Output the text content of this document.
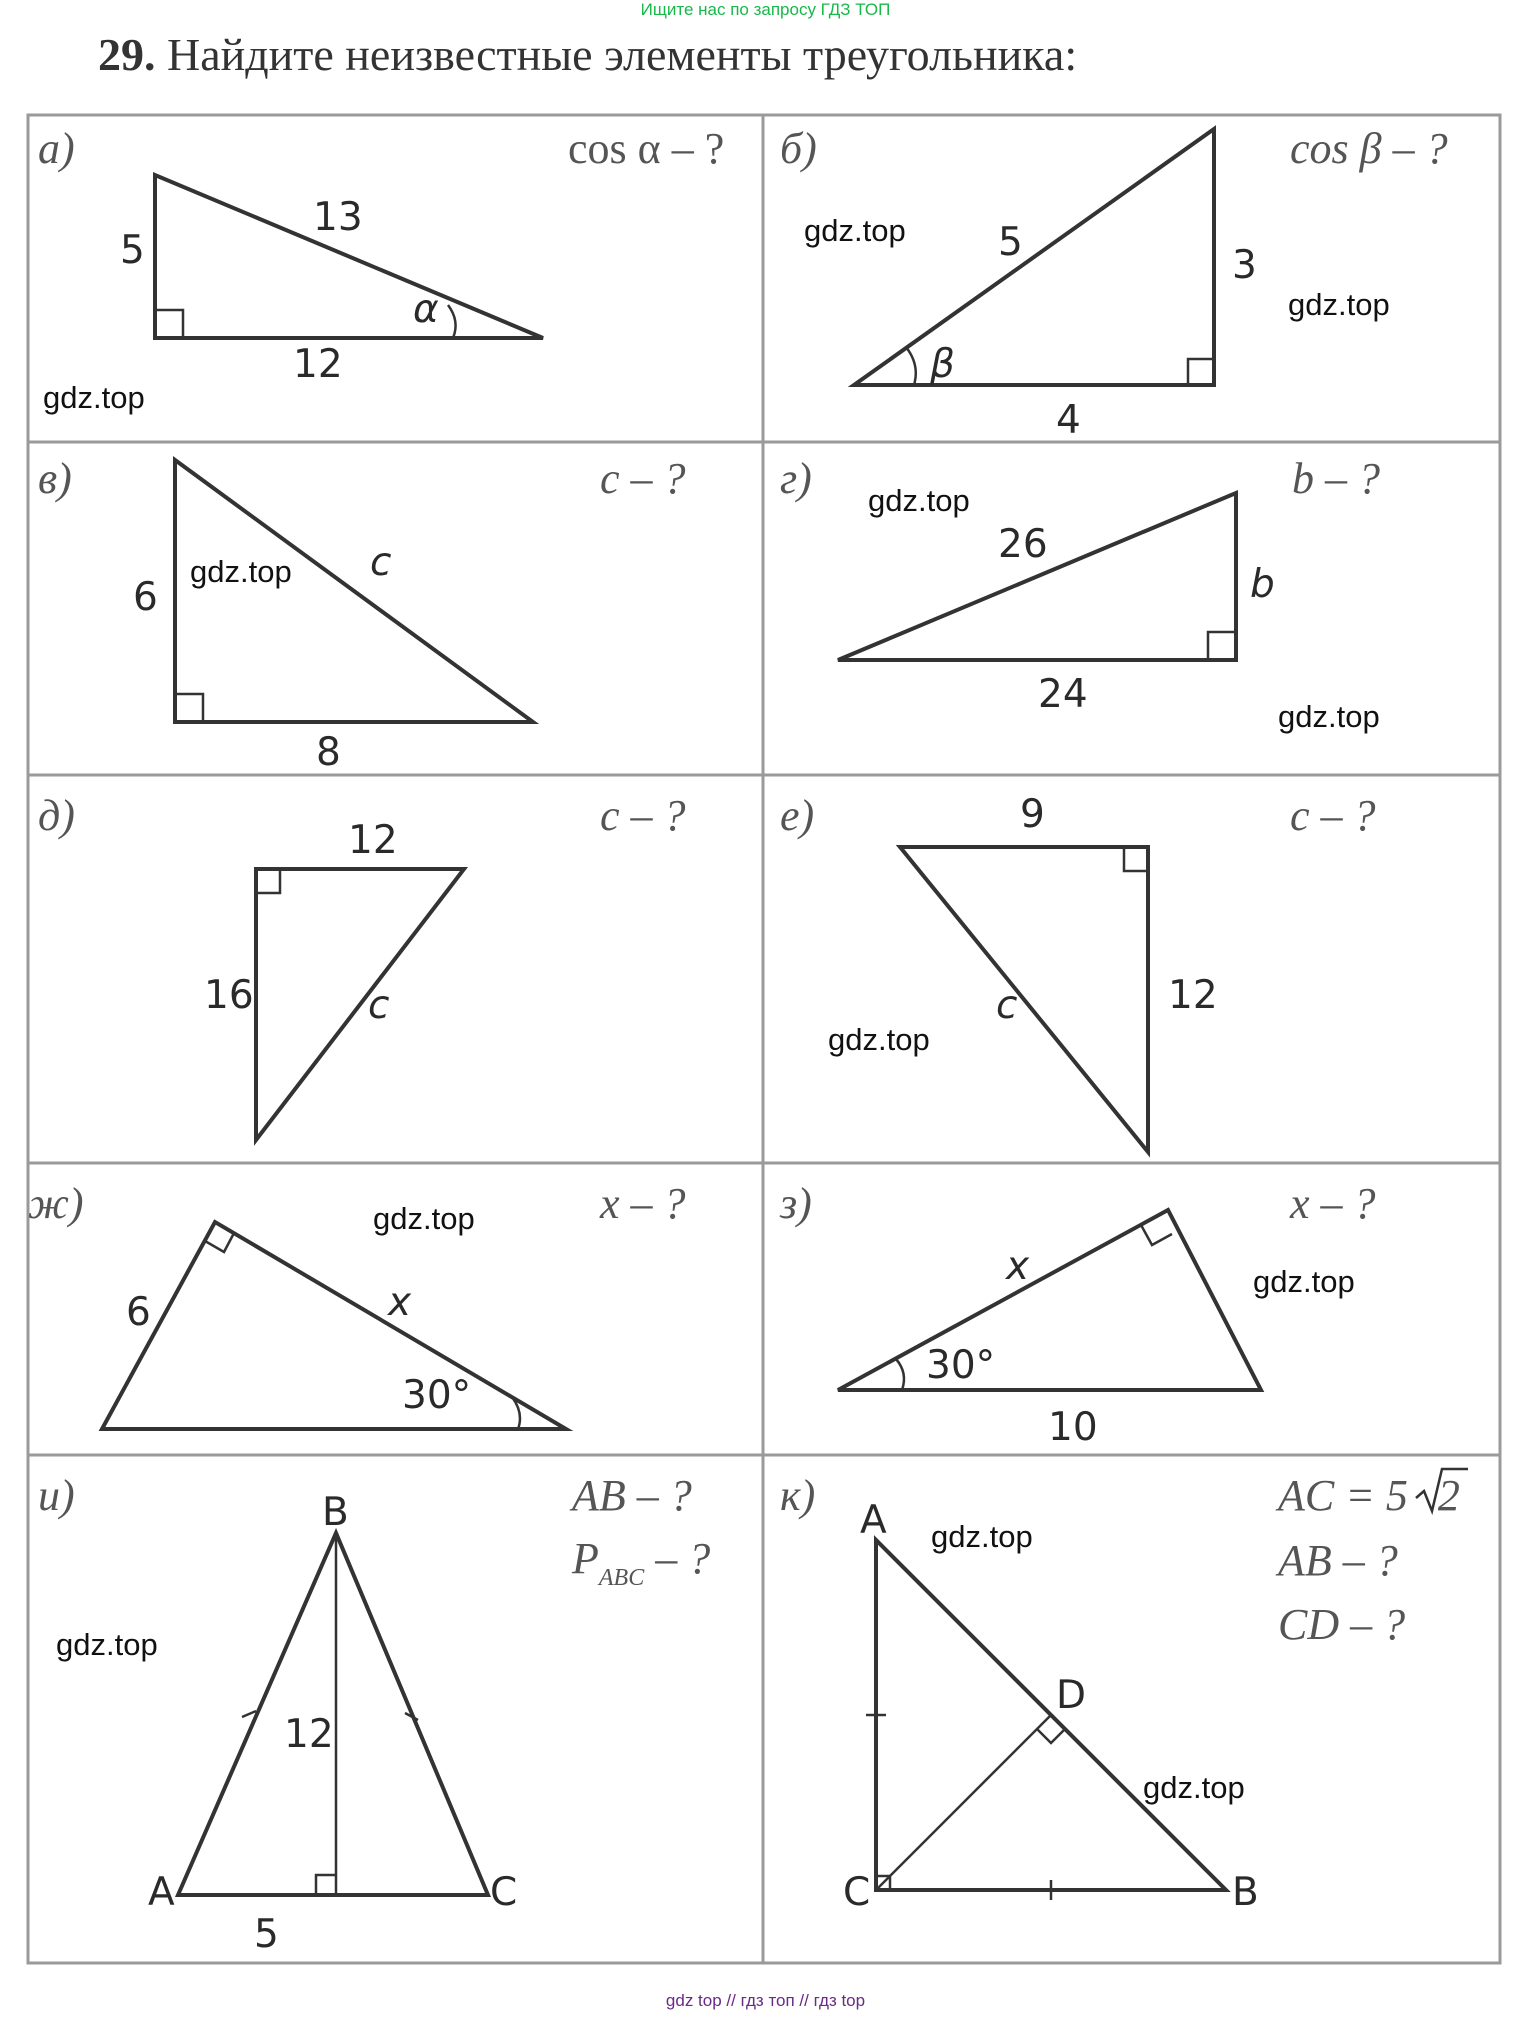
Ищите нас по запросу ГДЗ ТОП
29. Найдите неизвестные элементы треугольника:
а)	cos α – ?
13
5
12
α
gdz.top
б)	cos β – ?
5
3
4
β
gdz.top
gdz.top
в)	c – ?
6
c
8
gdz.top
г)	b – ?
26
b
24
gdz.top
gdz.top
д)	c – ?
12
16	c
е)	c – ?
9
12
c
gdz.top
ж)	x – ?
6	x
30°
gdz.top	з)	x – ?
x
10
30°
gdz.top
и)	AB – ?
$P_{ABC}$ – ?
B
A	C
12
5
gdz.top
к)	AC = 5 2
AB – ?
CD – ?
A
D
C	B
gdz.top
gdz.top
gdz top // гдз топ // гдз top
